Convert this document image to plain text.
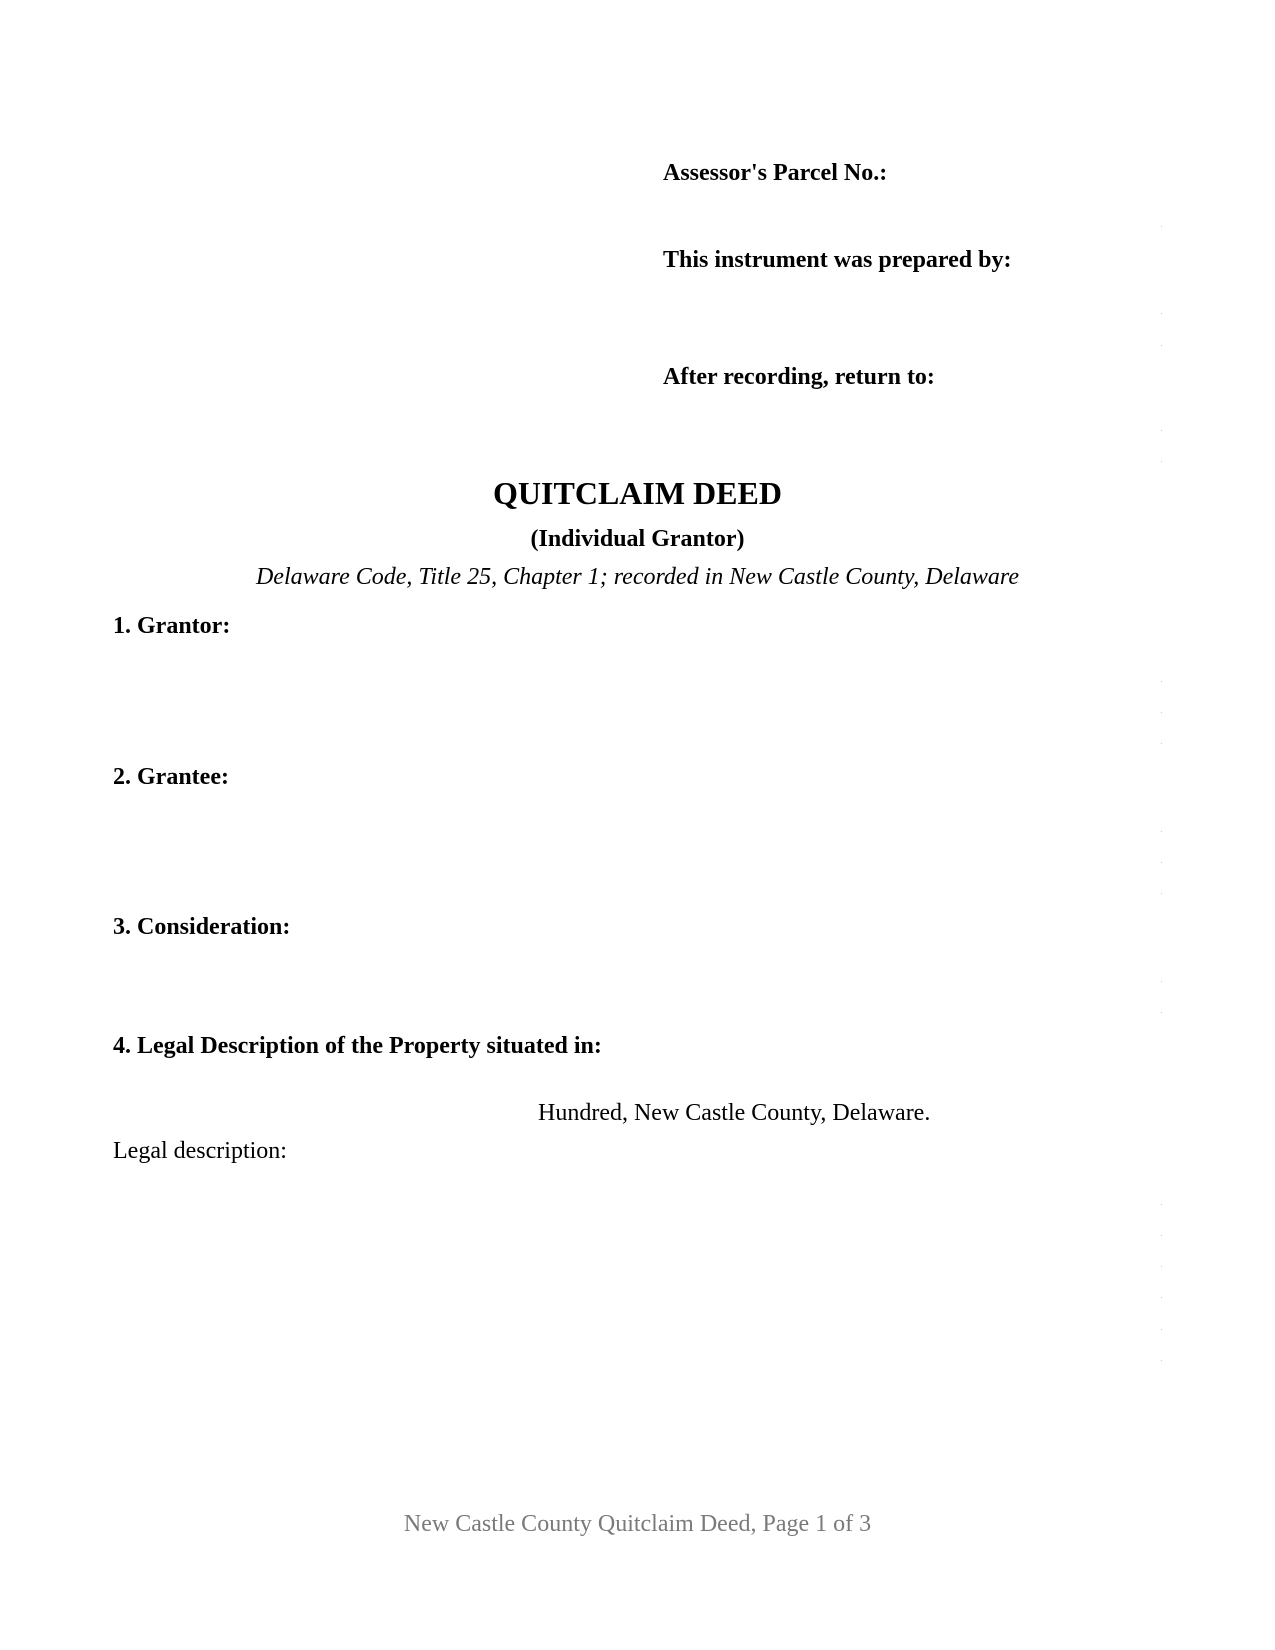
Assessor's Parcel No.:
This instrument was prepared by:
After recording, return to:
QUITCLAIM DEED
(Individual Grantor)
Delaware Code, Title 25, Chapter 1; recorded in New Castle County, Delaware
1. Grantor:
2. Grantee:
3. Consideration:
4. Legal Description of the Property situated in:
Hundred, New Castle County, Delaware.
Legal description:
New Castle County Quitclaim Deed, Page 1 of 3
